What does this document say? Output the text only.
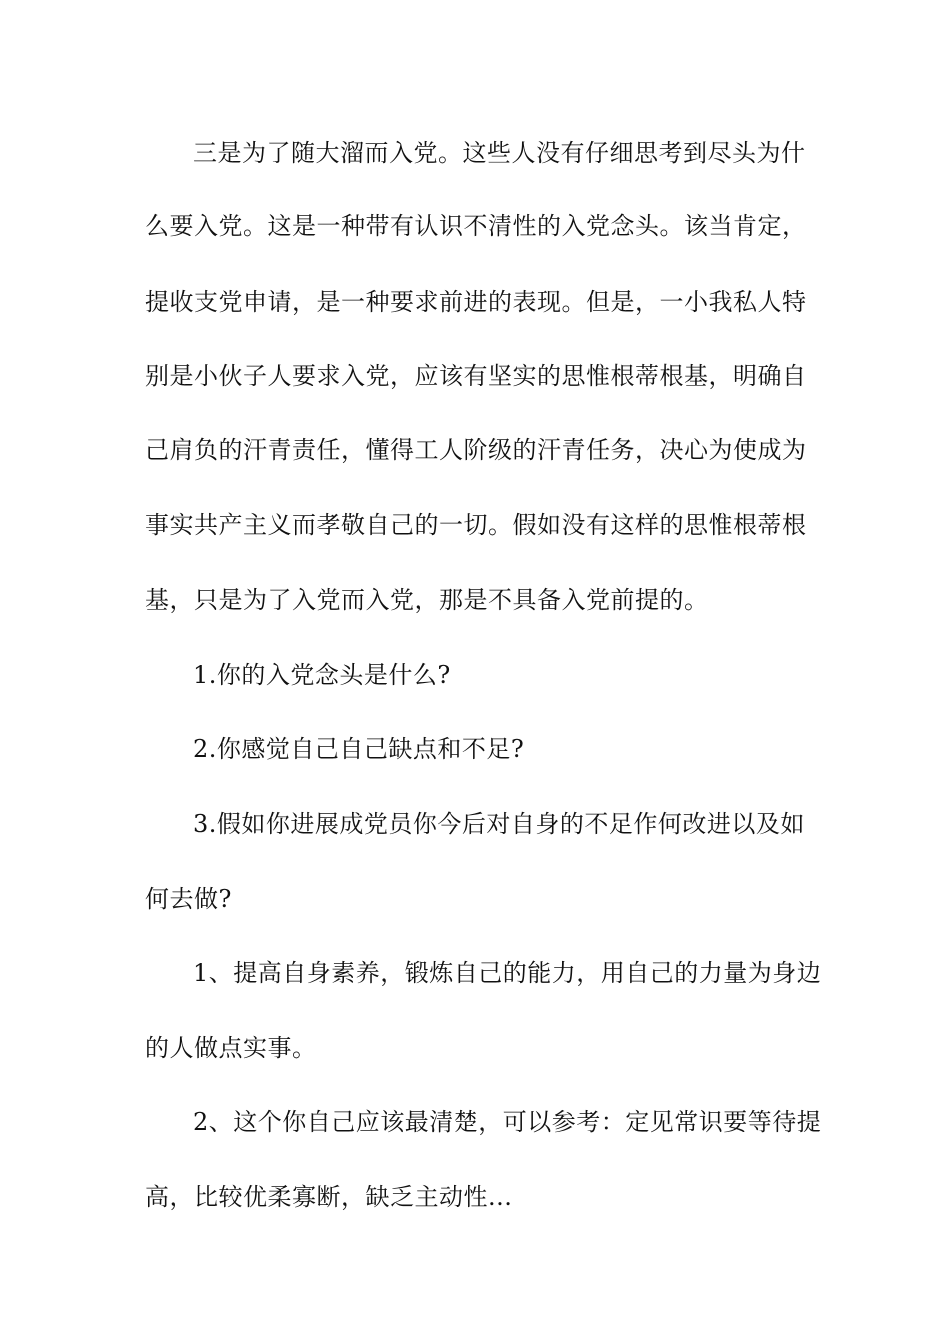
三是为了随大溜而入党。这些人没有仔细思考到尽头为什
么要入党。这是一种带有认识不清性的入党念头。该当肯定，
提收支党申请，是一种要求前进的表现。但是，一小我私人特
别是小伙子人要求入党，应该有坚实的思惟根蒂根基，明确自
己肩负的汗青责任，懂得工人阶级的汗青任务，决心为使成为
事实共产主义而孝敬自己的一切。假如没有这样的思惟根蒂根
基，只是为了入党而入党，那是不具备入党前提的。
1.你的入党念头是什么?
2.你感觉自己自己缺点和不足?
3.假如你进展成党员你今后对自身的不足作何改进以及如
何去做?
1、提高自身素养，锻炼自己的能力，用自己的力量为身边
的人做点实事。
2、这个你自己应该最清楚，可以参考：定见常识要等待提
高，比较优柔寡断，缺乏主动性...
